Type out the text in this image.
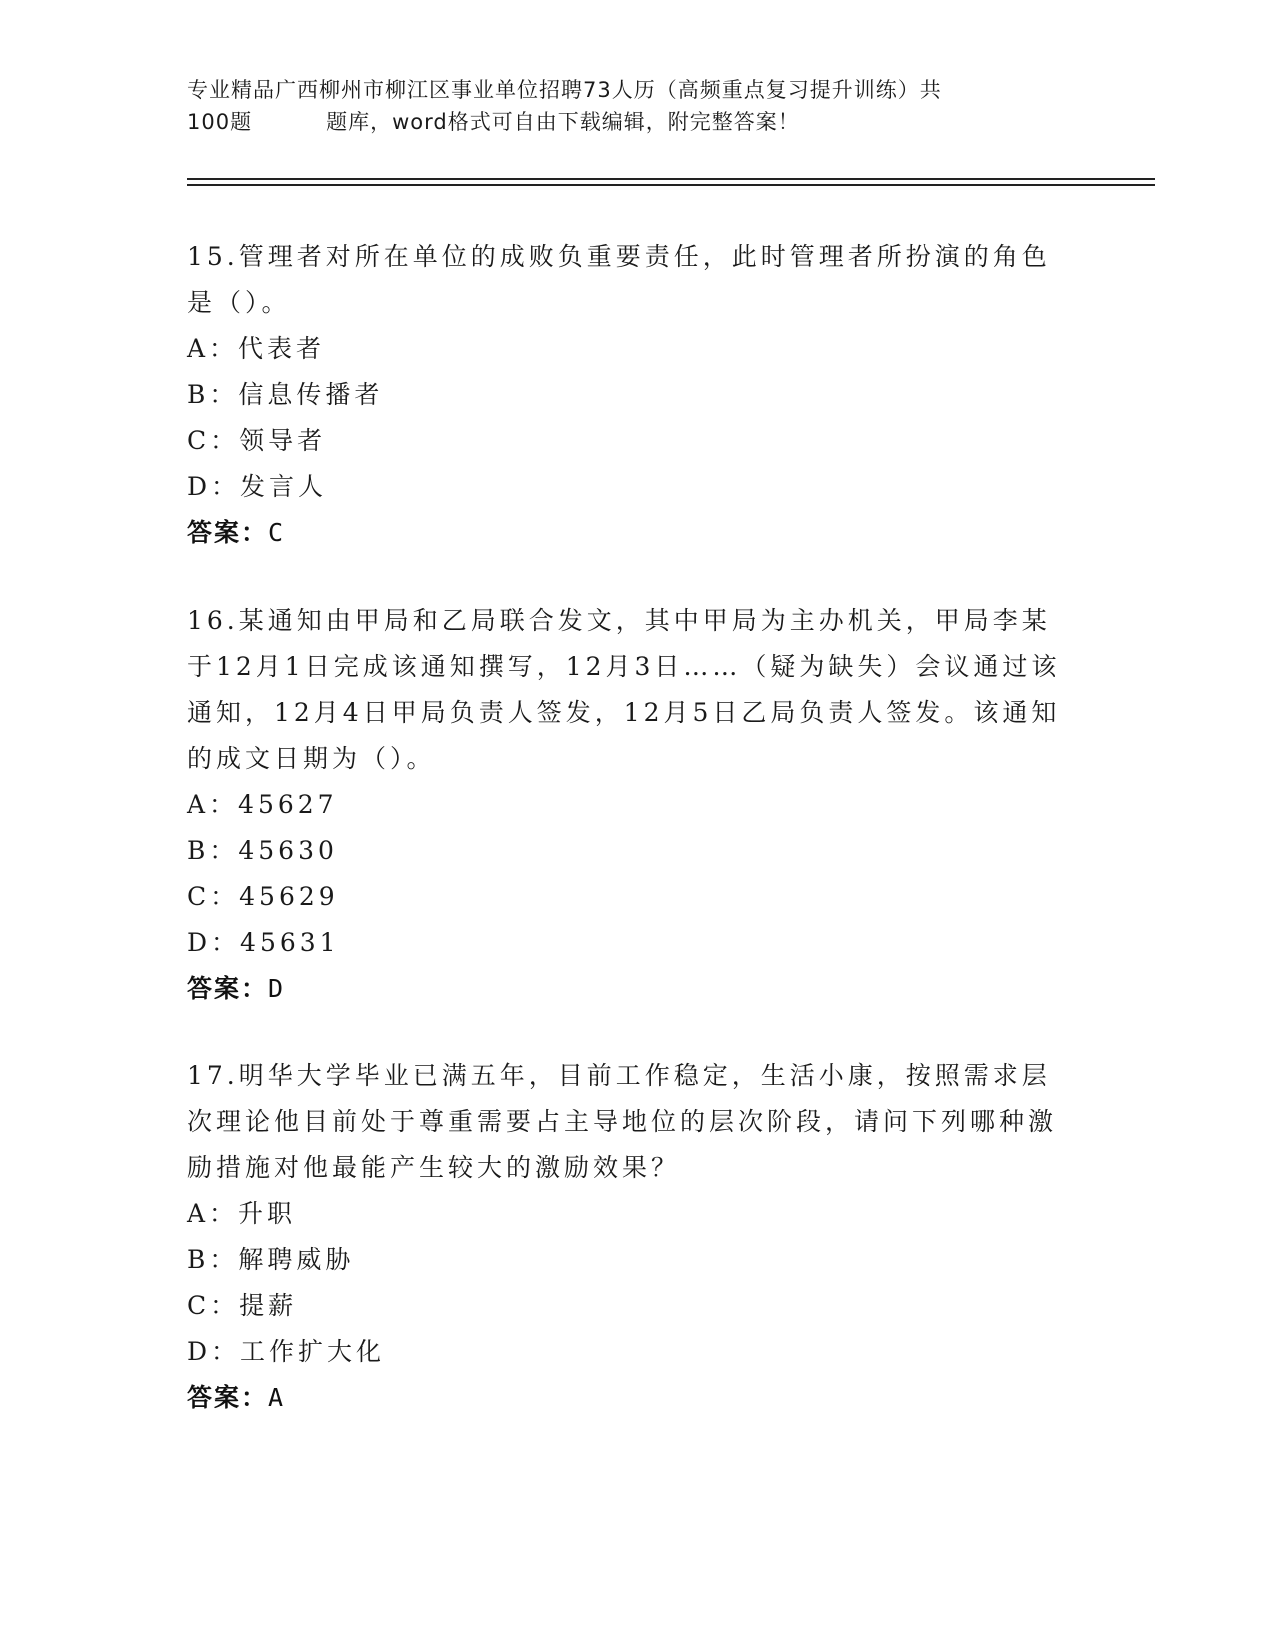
专业精品广西柳州市柳江区事业单位招聘73人历（高频重点复习提升训练）共
100题	题库，word格式可自由下载编辑，附完整答案！
15.管理者对所在单位的成败负重要责任，此时管理者所扮演的角色是（）。
A：代表者
B：信息传播者
C：领导者
D：发言人
答案：C
16.某通知由甲局和乙局联合发文，其中甲局为主办机关，甲局李某于12月1日完成该通知撰写，12月3日……（疑为缺失）会议通过该通知，12月4日甲局负责人签发，12月5日乙局负责人签发。该通知的成文日期为（）。
A：45627
B：45630
C：45629
D：45631
答案：D
17.明华大学毕业已满五年，目前工作稳定，生活小康，按照需求层次理论他目前处于尊重需要占主导地位的层次阶段，请问下列哪种激励措施对他最能产生较大的激励效果？
A：升职
B：解聘威胁
C：提薪
D：工作扩大化
答案：A
